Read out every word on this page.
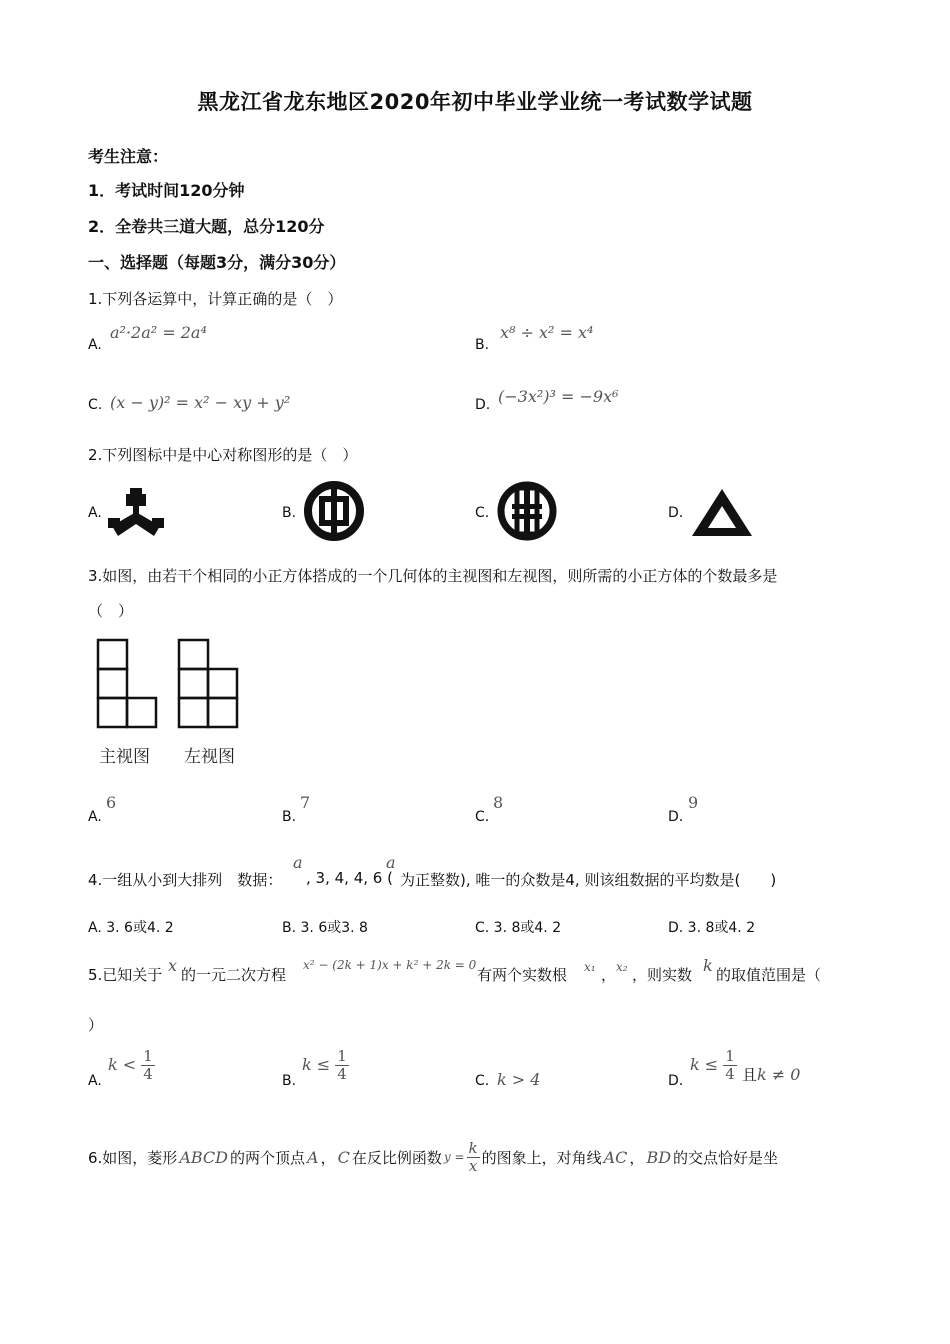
黑龙江省龙东地区2020年初中毕业学业统一考试数学试题
考生注意：
1．考试时间120分钟
2．全卷共三道大题，总分120分
一、选择题（每题3分，满分30分）
1.下列各运算中，计算正确的是（　）
A.
a²·2a² = 2a⁴
B.
x⁸ ÷ x² = x⁴
C. (x − y)² = x² − xy + y²	D. (−3x²)³ = −9x⁶
2.下列图标中是中心对称图形的是（　）
A.	B.	C.	D.
3.如图，由若干个相同的小正方体搭成的一个几何体的主视图和左视图，则所需的小正方体的个数最多是
（　）
主视图 左视图
A.
6
B.
7
C.
8
D.
9
4.一组从小到大排列　数据：
a
, 3, 4, 4, 6 (
a
为正整数), 唯一的众数是4, 则该组数据的平均数是(　　)
A. 3. 6或4. 2	B. 3. 6或3. 8	C. 3. 8或4. 2	D. 3. 8或4. 2
5.已知关于 x 的一元二次方程
x² − (2k + 1)x + k² + 2k = 0
有两个实数根 x₁ ， x₂ ，则实数 k 的取值范围是（
）
A.
$k < \frac{1}{4}$	B.
$k \le \frac{1}{4}$	C. k > 4	D.
$k \le \frac{1}{4}$ 且k ≠ 0
6.如图，菱形 ABCD 的两个顶点 A ， C 在反比例函数 $y = \frac{k}{x}$ 的图象上，对角线 AC ， BD 的交点恰好是坐
